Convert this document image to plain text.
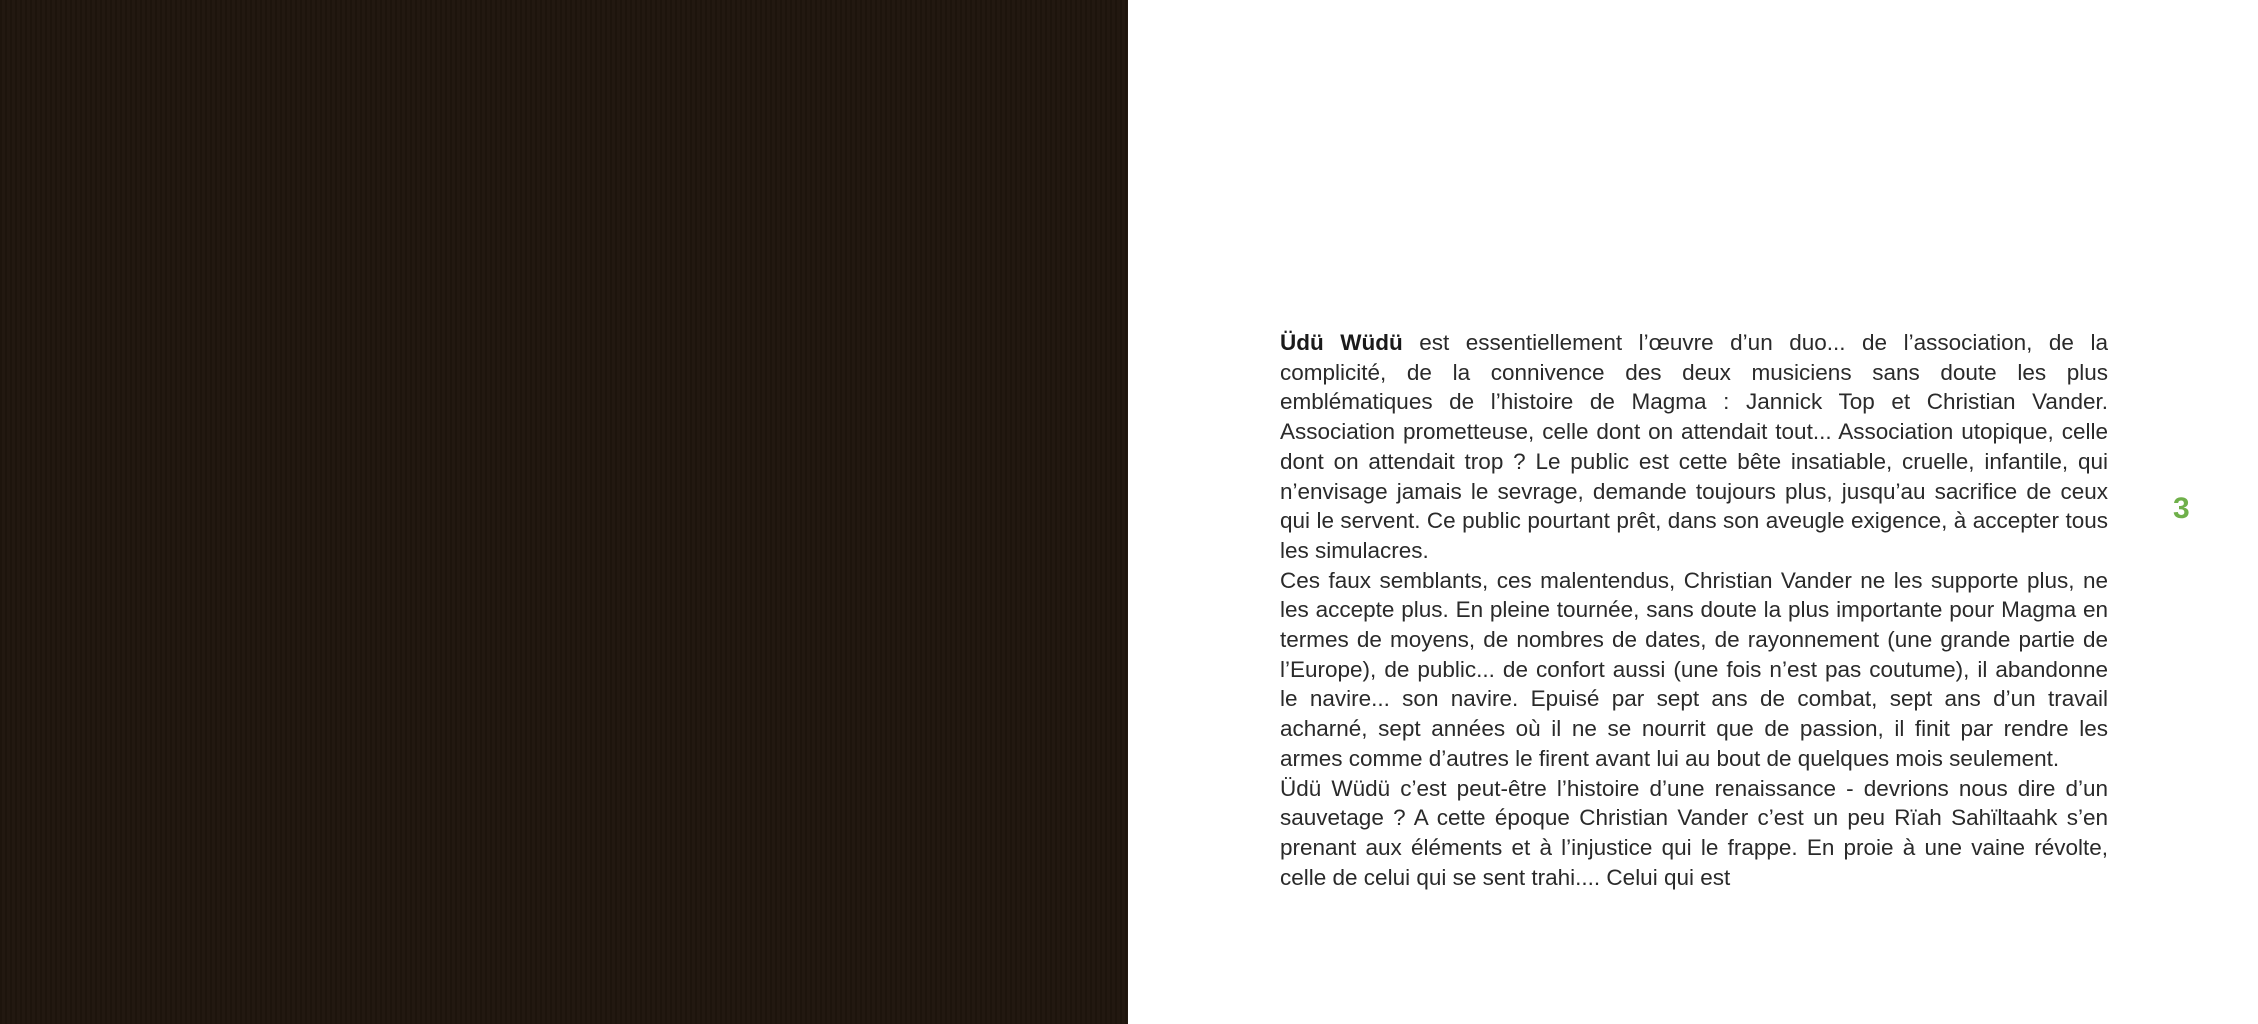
Üdü Wüdü est essentiellement l’œuvre d’un duo... de l’association, de la complicité, de la connivence des deux musiciens sans doute les plus emblématiques de l’histoire de Magma : Jannick Top et Christian Vander. Association prometteuse, celle dont on attendait tout... Association utopique, celle dont on attendait trop ? Le public est cette bête insatiable, cruelle, infantile, qui n’envisage jamais le sevrage, demande toujours plus, jusqu’au sacrifice de ceux qui le servent. Ce public pourtant prêt, dans son aveugle exigence, à accepter tous les simulacres.

Ces faux semblants, ces malentendus, Christian Vander ne les supporte plus, ne les accepte plus. En pleine tournée, sans doute la plus importante pour Magma en termes de moyens, de nombres de dates, de rayonnement (une grande partie de l’Europe), de public... de confort aussi (une fois n’est pas coutume), il abandonne le navire... son navire. Epuisé par sept ans de combat, sept ans d’un travail acharné, sept années où il ne se nourrit que de passion, il finit par rendre les armes comme d’autres le firent avant lui au bout de quelques mois seulement.

Üdü Wüdü c’est peut-être l’histoire d’une renaissance - devrions nous dire d’un sauvetage ? A cette époque Christian Vander c’est un peu Rïah Sahïltaahk s’en prenant aux éléments et à l’injustice qui le frappe. En proie à une vaine révolte, celle de celui qui se sent trahi.... Celui qui est

3
